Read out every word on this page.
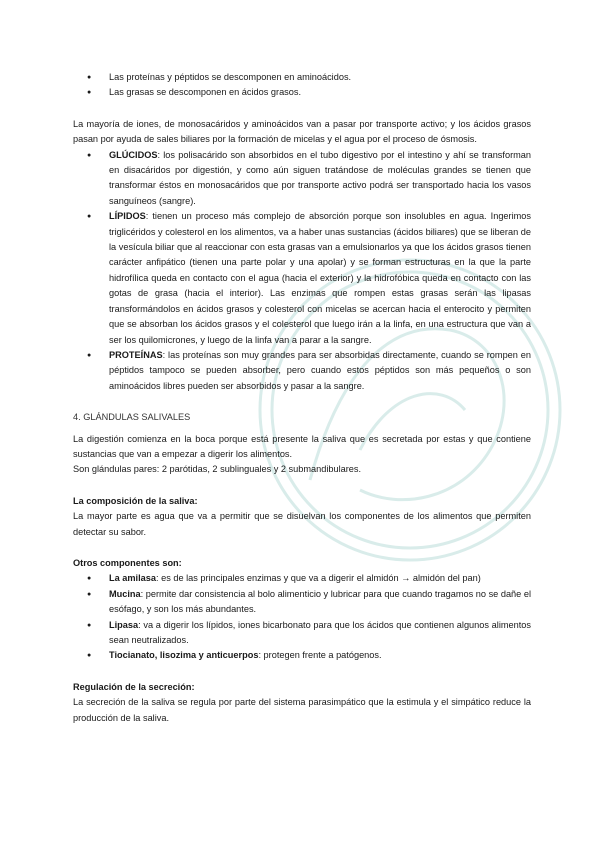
● Las proteínas y péptidos se descomponen en aminoácidos.
● Las grasas se descomponen en ácidos grasos.

La mayoría de iones, de monosacáridos y aminoácidos van a pasar por transporte activo; y los ácidos grasos pasan por ayuda de sales biliares por la formación de micelas y el agua por el proceso de ósmosis.

● GLÚCIDOS: los polisacárido son absorbidos en el tubo digestivo por el intestino y ahí se transforman en disacáridos por digestión, y como aún siguen tratándose de moléculas grandes se tienen que transformar éstos en monosacáridos que por transporte activo podrá ser transportado hacia los vasos sanguíneos (sangre).
● LÍPIDOS: tienen un proceso más complejo de absorción porque son insolubles en agua. Ingerimos triglicéridos y colesterol en los alimentos, va a haber unas sustancias (ácidos biliares) que se liberan de la vesícula biliar que al reaccionar con esta grasas van a emulsionarlos ya que los ácidos grasos tienen carácter anfipático (tienen una parte polar y una apolar) y se forman estructuras en la que la parte hidrofílica queda en contacto con el agua (hacia el exterior) y la hidrofóbica queda en contacto con las gotas de grasa (hacia el interior). Las enzimas que rompen estas grasas serán las lipasas transformándolos en ácidos grasos y colesterol con micelas se acercan hacia el enterocito y permiten que se absorban los ácidos grasos y el colesterol que luego irán a la linfa, en una estructura que van a ser los quilomicrones, y luego de la linfa van a parar a la sangre.
● PROTEÍNAS: las proteínas son muy grandes para ser absorbidas directamente, cuando se rompen en péptidos tampoco se pueden absorber, pero cuando estos péptidos son más pequeños o son aminoácidos libres pueden ser absorbidos y pasar a la sangre.

4. GLÁNDULAS SALIVALES

La digestión comienza en la boca porque está presente la saliva que es secretada por estas y que contiene sustancias que van a empezar a digerir los alimentos.

Son glándulas pares: 2 parótidas, 2 sublinguales y 2 submandibulares.

La composición de la saliva:

La mayor parte es agua que va a permitir que se disuelvan los componentes de los alimentos que permiten detectar su sabor.

Otros componentes son:

● La amilasa: es de las principales enzimas y que va a digerir el almidón → almidón del pan)
● Mucina: permite dar consistencia al bolo alimenticio y lubricar para que cuando tragamos no se dañe el esófago, y son los más abundantes.
● Lipasa: va a digerir los lípidos, iones bicarbonato para que los ácidos que contienen algunos alimentos sean neutralizados.
● Tiocianato, lisozima y anticuerpos: protegen frente a patógenos.

Regulación de la secreción:

La secreción de la saliva se regula por parte del sistema parasimpático que la estimula y el simpático reduce la producción de la saliva.
